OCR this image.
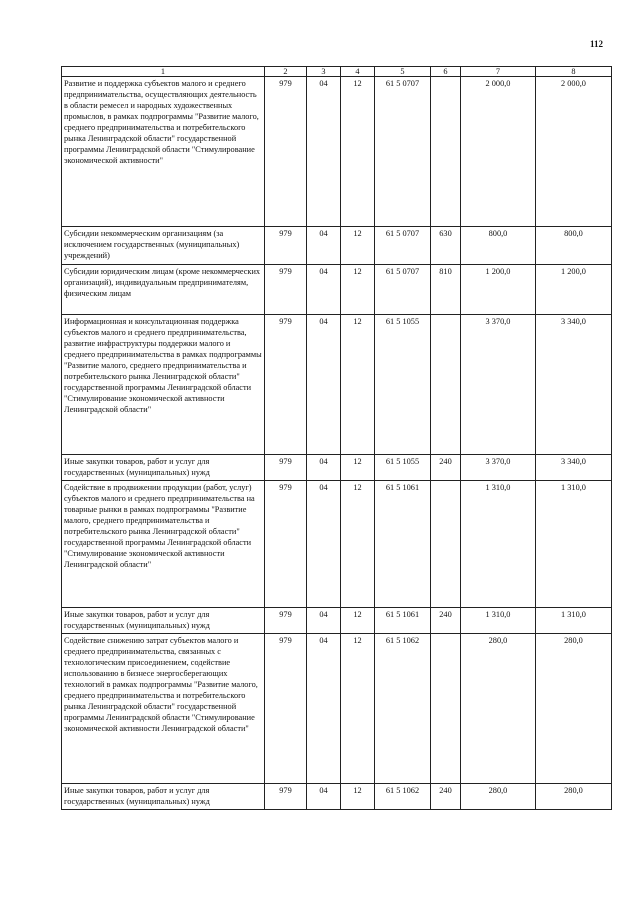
112
1	2	3	4	5	6	7	8
Развитие и поддержка субъектов малого и среднего предпринимательства, осуществляющих деятельность в области ремесел и народных художественных промыслов, в рамках подпрограммы "Развитие малого, среднего предпринимательства и потребительского рынка Ленинградской области" государственной программы Ленинградской области "Стимулирование экономической активности"	979	04	12	61 5 0707		2 000,0	2 000,0
Субсидии некоммерческим организациям (за исключением государственных (муниципальных) учреждений)	979	04	12	61 5 0707	630	800,0	800,0
Субсидии юридическим лицам (кроме некоммерческих организаций), индивидуальным предпринимателям, физическим лицам	979	04	12	61 5 0707	810	1 200,0	1 200,0
Информационная и консультационная поддержка субъектов малого и среднего предпринимательства, развитие инфраструктуры поддержки малого и среднего предпринимательства в рамках подпрограммы "Развитие малого, среднего предпринимательства и потребительского рынка Ленинградской области" государственной программы Ленинградской области "Стимулирование экономической активности Ленинградской области"	979	04	12	61 5 1055		3 370,0	3 340,0
Иные закупки товаров, работ и услуг для государственных (муниципальных) нужд	979	04	12	61 5 1055	240	3 370,0	3 340,0
Содействие в продвижении продукции (работ, услуг) субъектов малого и среднего предпринимательства на товарные рынки в рамках подпрограммы "Развитие малого, среднего предпринимательства и потребительского рынка Ленинградской области" государственной программы Ленинградской области "Стимулирование экономической активности Ленинградской области"	979	04	12	61 5 1061		1 310,0	1 310,0
Иные закупки товаров, работ и услуг для государственных (муниципальных) нужд	979	04	12	61 5 1061	240	1 310,0	1 310,0
Содействие снижению затрат субъектов малого и среднего предпринимательства, связанных с технологическим присоединением, содействие использованию в бизнесе энергосберегающих технологий в рамках подпрограммы "Развитие малого, среднего предпринимательства и потребительского рынка Ленинградской области" государственной программы Ленинградской области "Стимулирование экономической активности Ленинградской области"	979	04	12	61 5 1062		280,0	280,0
Иные закупки товаров, работ и услуг для государственных (муниципальных) нужд	979	04	12	61 5 1062	240	280,0	280,0
